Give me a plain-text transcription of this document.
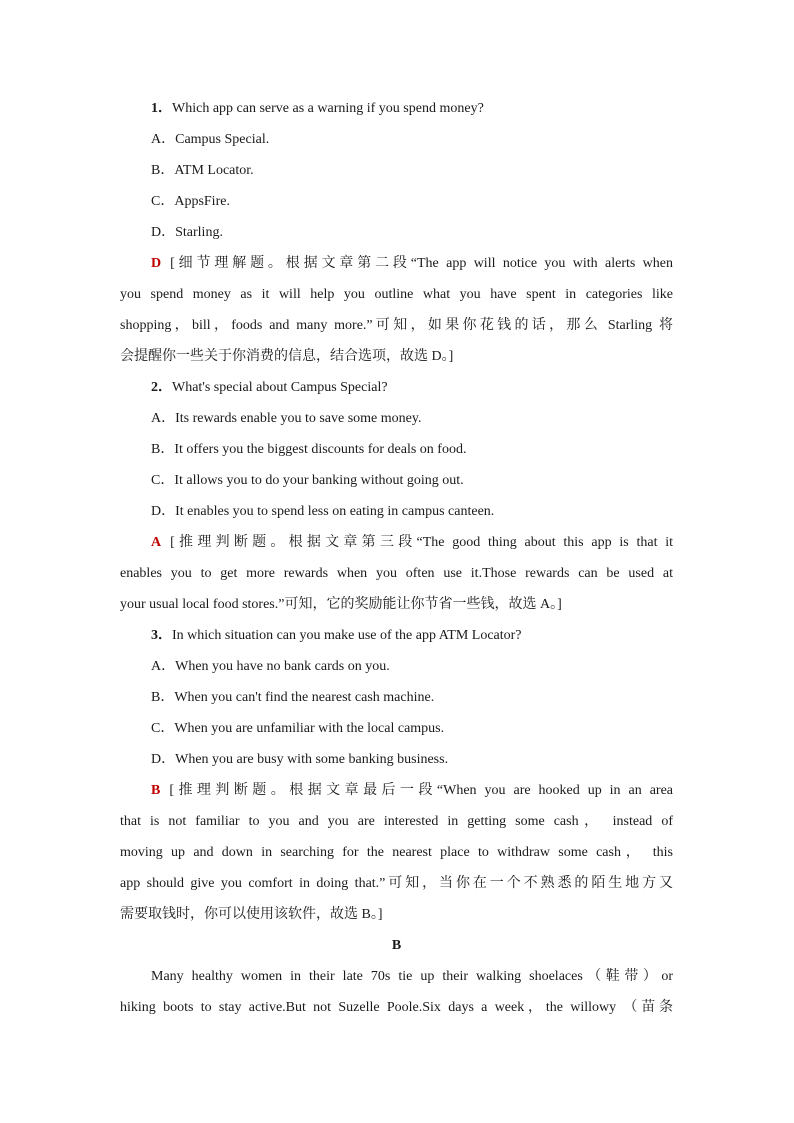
1．Which app can serve as a warning if you spend money?
A．Campus Special.
B．ATM Locator.
C．AppsFire.
D．Starling.
D [细节理解题。根据文章第二段“The app will notice you with alerts when
you spend money as it will help you outline what you have spent in categories like
shopping，bill，foods and many more.”可知，如果你花钱的话，那么 Starling 将
会提醒你一些关于你消费的信息，结合选项，故选 D。]
2．What's special about Campus Special?
A．Its rewards enable you to save some money.
B．It offers you the biggest discounts for deals on food.
C．It allows you to do your banking without going out.
D．It enables you to spend less on eating in campus canteen.
A [推理判断题。根据文章第三段“The good thing about this app is that it
enables you to get more rewards when you often use it.Those rewards can be used at
your usual local food stores.”可知，它的奖励能让你节省一些钱，故选 A。]
3．In which situation can you make use of the app ATM Locator?
A．When you have no bank cards on you.
B．When you can't find the nearest cash machine.
C．When you are unfamiliar with the local campus.
D．When you are busy with some banking business.
B [推理判断题。根据文章最后一段“When you are hooked up in an area
that is not familiar to you and you are interested in getting some cash， instead of
moving up and down in searching for the nearest place to withdraw some cash， this
app should give you comfort in doing that.”可知，当你在一个不熟悉的陌生地方又
需要取钱时，你可以使用该软件，故选 B。]
B
Many healthy women in their late 70s tie up their walking shoelaces（鞋带）or
hiking boots to stay active.But not Suzelle Poole.Six days a week，the willowy （苗条
